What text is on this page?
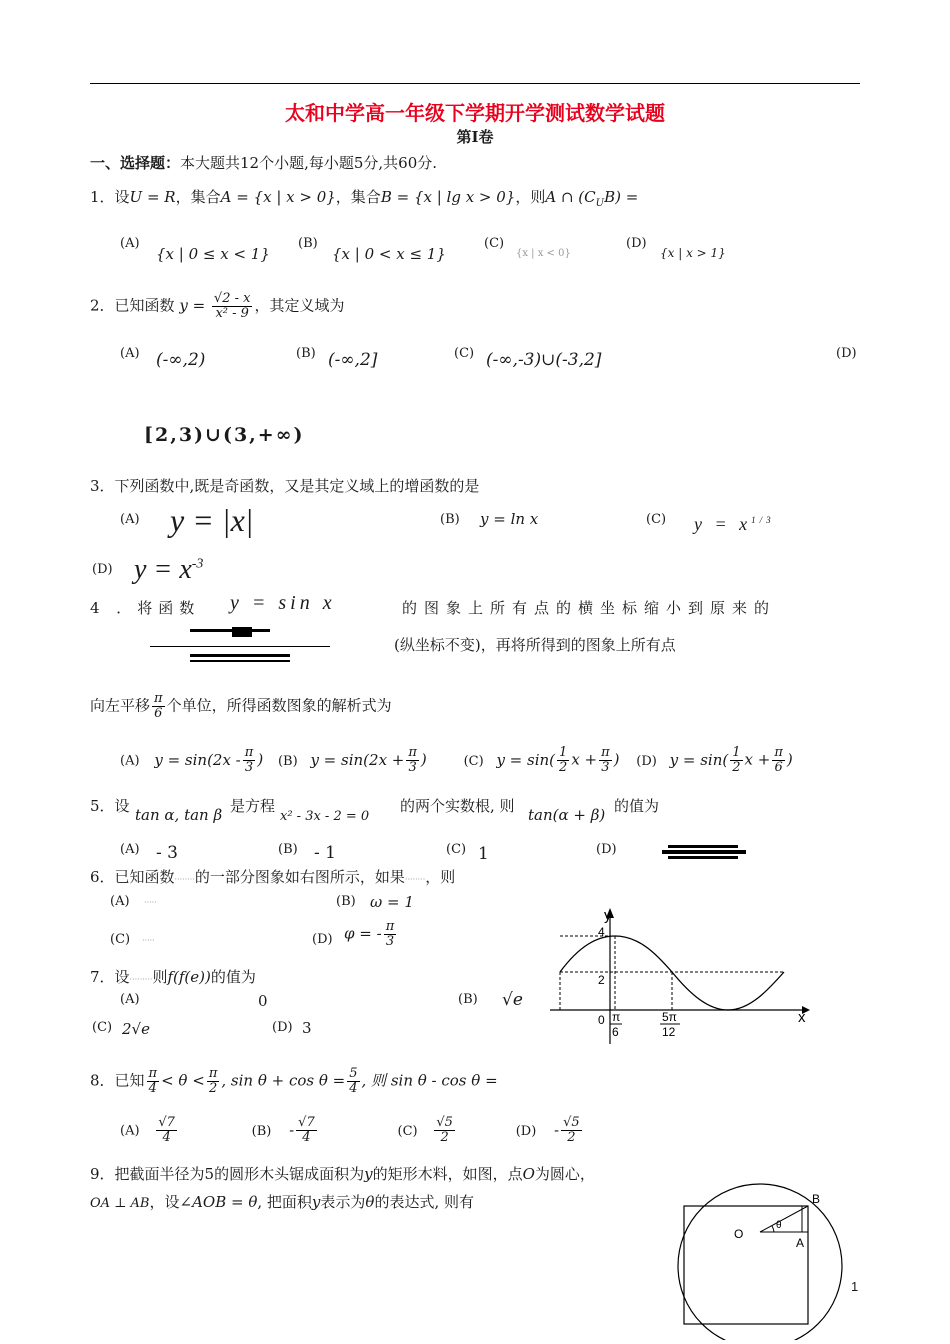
太和中学高一年级下学期开学测试数学试题
第Ⅰ卷
一、选择题：本大题共12个小题,每小题5分,共60分.
1．设U = R，集合A = {x | x > 0}，集合B = {x | lg x > 0}，则A ∩ $(C_UB)$ =
(A)
{x | 0 ≤ x < 1}
(B)
{x | 0 < x ≤ 1}
(C)
{x | x < 0}
(D)
{x | x > 1}
2．已知函数 $y = \frac{√2 - x}{\text{x² - 9}}$ ，其定义域为
(A) (-∞,2)	(B) (-∞,2]	(C) (-∞,-3)∪(-3,2]	(D)
[2,3)∪(3,+∞)
3．下列函数中,既是奇函数，又是其定义域上的增函数的是
(A) y = |x|	(B) y = ln x	(C) $y = x^{1/3}$
(D) $y = x^{-3}$
4 ．将函数 y = sin x	的图象上所有点的横坐标缩小到原来的
(纵坐标不变)，再将所得到的图象上所有点
向左平移 $\frac{\pi}{6}$ 个单位，所得函数图象的解析式为
(A) $y = \sin(2x - \frac{\pi}{3}$ ) (B) $y = \sin(2x + \frac{\pi}{3}$ )	(C) $y = \sin( \frac{1}{2}$ $x + \frac{\pi}{3}$ ) (D) $y = \sin( \frac{1}{2}$ $x + \frac{\pi}{6}$ )
5．设 tan α, tan β 是方程
x² - 3x - 2 = 0
的两个实数根, 则 tan(α + β) 的值为
(A) - 3	(B) - 1	(C) 1	(D)
6．已知函数········的一部分图象如右图所示，如果········，则
(A) ·····	(B) ω = 1
(C) ·····	(D) φ = - $\frac{\pi}{3}$
y
x
4
2
0 π
6
5π
12
7．设·········则f(f(e))的值为
(A)	0	(B) √e
(C) 2√e	(D) 3
8．已知 $\frac{\pi}{4} < \theta < \frac{\pi}{2}$ , $\sin \theta + \cos \theta = \frac{5}{4}$ , 则 sin θ - cos θ =
$(A) \frac{√7}{4}$	$(B) - \frac{√7}{4}$	$(C) \frac{√5}{2}$	$(D) - \frac{√5}{2}$
9．把截面半径为5的圆形木头锯成面积为y的矩形木料，如图，点O为圆心，
OA ⊥ AB，设∠AOB = θ, 把面积y表示为θ的表达式, 则有	B
O
A
θ
1
